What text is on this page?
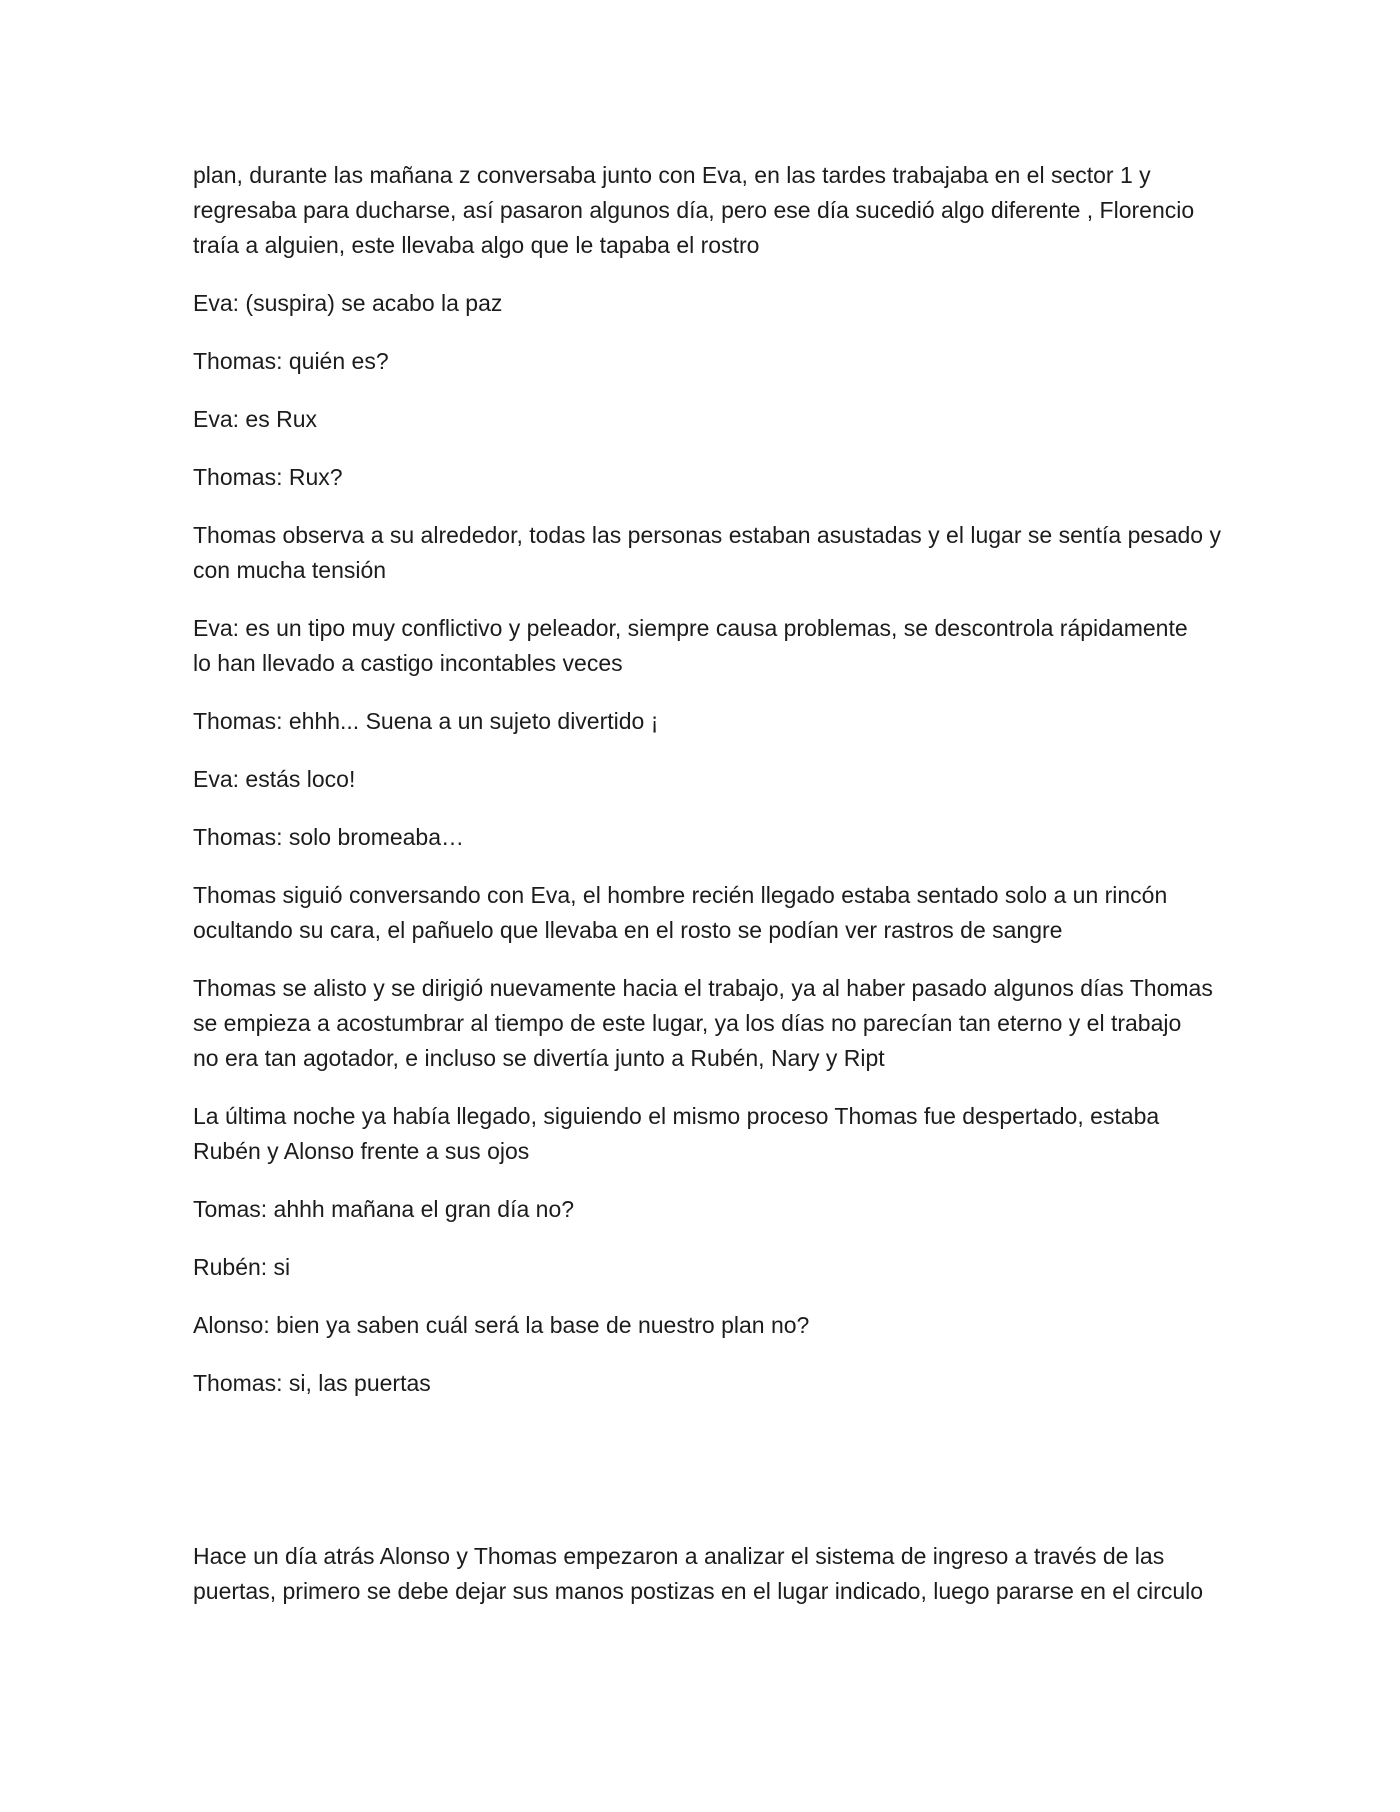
plan, durante las mañana z conversaba junto con Eva, en las tardes trabajaba en el sector 1 y
regresaba para ducharse, así pasaron algunos día, pero ese día sucedió algo diferente , Florencio
traía a alguien, este llevaba algo que le tapaba el rostro

Eva: (suspira) se acabo la paz

Thomas: quién es?

Eva: es Rux

Thomas: Rux?

Thomas observa a su alrededor, todas las personas estaban asustadas y el lugar se sentía pesado y
con mucha tensión

Eva: es un tipo muy conflictivo y peleador, siempre causa problemas, se descontrola rápidamente
lo han llevado a castigo incontables veces

Thomas: ehhh... Suena a un sujeto divertido ¡

Eva: estás loco!

Thomas: solo bromeaba…

Thomas siguió conversando con Eva, el hombre recién llegado estaba sentado solo a un rincón
ocultando su cara, el pañuelo que llevaba en el rosto se podían ver rastros de sangre

Thomas se alisto y se dirigió nuevamente hacia el trabajo, ya al haber pasado algunos días Thomas
se empieza a acostumbrar al tiempo de este lugar, ya los días no parecían tan eterno y el trabajo
no era tan agotador, e incluso se divertía junto a Rubén, Nary y Ript

La última noche ya había llegado, siguiendo el mismo proceso Thomas fue despertado, estaba
Rubén y Alonso frente a sus ojos

Tomas: ahhh mañana el gran día no?

Rubén: si

Alonso: bien ya saben cuál será la base de nuestro plan no?

Thomas: si, las puertas

Hace un día atrás Alonso y Thomas empezaron a analizar el sistema de ingreso a través de las
puertas, primero se debe dejar sus manos postizas en el lugar indicado, luego pararse en el circulo
